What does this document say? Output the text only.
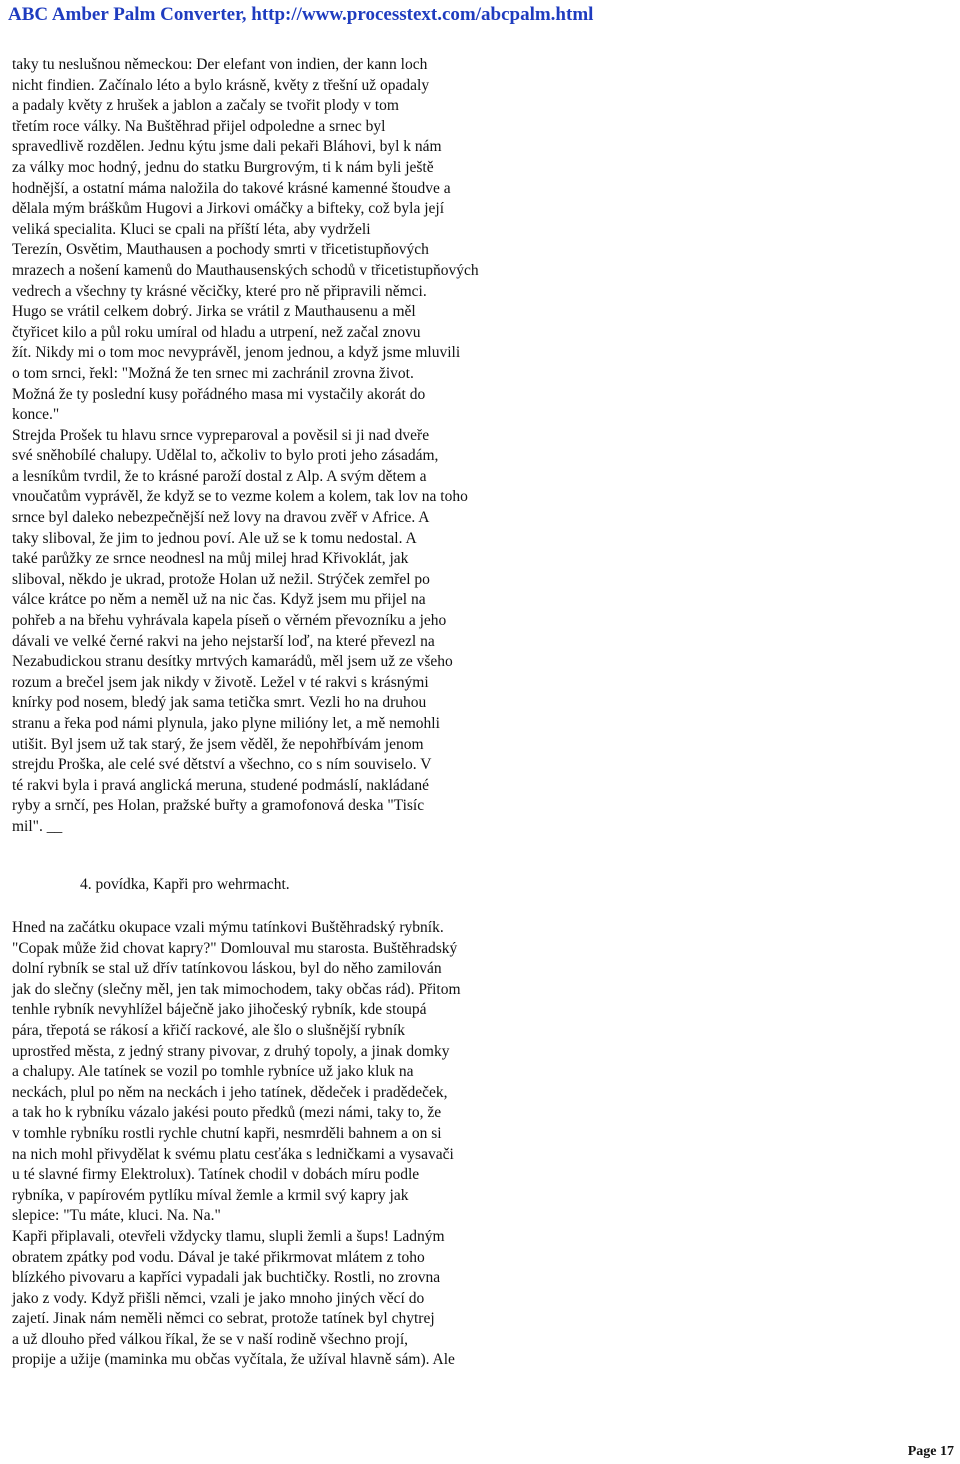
ABC Amber Palm Converter, http://www.processtext.com/abcpalm.html
taky tu neslušnou německou: Der elefant von indien, der kann loch
nicht findien. Začínalo léto a bylo krásně, květy z třešní už opadaly
a padaly květy z hrušek a jablon a začaly se tvořit plody v tom
třetím roce války. Na Buštěhrad přijel odpoledne a srnec byl
spravedlivě rozdělen. Jednu kýtu jsme dali pekaři Bláhovi, byl k nám
za války moc hodný, jednu do statku Burgrovým, ti k nám byli ještě
hodnější, a ostatní máma naložila do takové krásné kamenné štoudve a
dělala mým bráškům Hugovi a Jirkovi omáčky a bifteky, což byla její
veliká specialita. Kluci se cpali na příští léta, aby vydrželi
Terezín, Osvětim, Mauthausen a pochody smrti v třicetistupňových
mrazech a nošení kamenů do Mauthausenských schodů v třicetistupňových
vedrech a všechny ty krásné věcičky, které pro ně připravili němci.
Hugo se vrátil celkem dobrý. Jirka se vrátil z Mauthausenu a měl
čtyřicet kilo a půl roku umíral od hladu a utrpení, než začal znovu
žít. Nikdy mi o tom moc nevyprávěl, jenom jednou, a když jsme mluvili
o tom srnci, řekl: "Možná že ten srnec mi zachránil zrovna život.
Možná že ty poslední kusy pořádného masa mi vystačily akorát do
konce."
Strejda Prošek tu hlavu srnce vypreparoval a pověsil si ji nad dveře
své sněhobílé chalupy. Udělal to, ačkoliv to bylo proti jeho zásadám,
a lesníkům tvrdil, že to krásné paroží dostal z Alp. A svým dětem a
vnoučatům vyprávěl, že když se to vezme kolem a kolem, tak lov na toho
srnce byl daleko nebezpečnější než lovy na dravou zvěř v Africe. A
taky sliboval, že jim to jednou poví. Ale už se k tomu nedostal. A
také parůžky ze srnce neodnesl na můj milej hrad Křivoklát, jak
sliboval, někdo je ukrad, protože Holan už nežil. Strýček zemřel po
válce krátce po něm a neměl už na nic čas. Když jsem mu přijel na
pohřeb a na břehu vyhrávala kapela píseň o věrném převozníku a jeho
dávali ve velké černé rakvi na jeho nejstarší loď, na které převezl na
Nezabudickou stranu desítky mrtvých kamarádů, měl jsem už ze všeho
rozum a brečel jsem jak nikdy v životě. Ležel v té rakvi s krásnými
knírky pod nosem, bledý jak sama tetička smrt. Vezli ho na druhou
stranu a řeka pod námi plynula, jako plyne milióny let, a mě nemohli
utišit. Byl jsem už tak starý, že jsem věděl, že nepohřbívám jenom
strejdu Proška, ale celé své dětství a všechno, co s ním souviselo. V
té rakvi byla i pravá anglická meruna, studené podmáslí, nakládané
ryby a srnčí, pes Holan, pražské buřty a gramofonová deska "Tisíc
mil". __
4. povídka, Kapři pro wehrmacht.
Hned na začátku okupace vzali mýmu tatínkovi Buštěhradský rybník.
"Copak může žid chovat kapry?" Domlouval mu starosta. Buštěhradský
dolní rybník se stal už dřív tatínkovou láskou, byl do něho zamilován
jak do slečny (slečny měl, jen tak mimochodem, taky občas rád). Přitom
tenhle rybník nevyhlížel báječně jako jihočeský rybník, kde stoupá
pára, třepotá se rákosí a křičí rackové, ale šlo o slušnější rybník
uprostřed města, z jedný strany pivovar, z druhý topoly, a jinak domky
a chalupy. Ale tatínek se vozil po tomhle rybníce už jako kluk na
neckách, plul po něm na neckách i jeho tatínek, dědeček i pradědeček,
a tak ho k rybníku vázalo jakési pouto předků (mezi námi, taky to, že
v tomhle rybníku rostli rychle chutní kapři, nesmrděli bahnem a on si
na nich mohl přivydělat k svému platu cesťáka s ledničkami a vysavači
u té slavné firmy Elektrolux). Tatínek chodil v dobách míru podle
rybníka, v papírovém pytlíku míval žemle a krmil svý kapry jak
slepice: "Tu máte, kluci. Na. Na."
Kapři připlavali, otevřeli vždycky tlamu, slupli žemli a šups! Ladným
obratem zpátky pod vodu. Dával je také přikrmovat mlátem z toho
blízkého pivovaru a kapříci vypadali jak buchtičky. Rostli, no zrovna
jako z vody. Když přišli němci, vzali je jako mnoho jiných věcí do
zajetí. Jinak nám neměli němci co sebrat, protože tatínek byl chytrej
a už dlouho před válkou říkal, že se v naší rodině všechno projí,
propije a užije (maminka mu občas vyčítala, že užíval hlavně sám). Ale
Page 17
